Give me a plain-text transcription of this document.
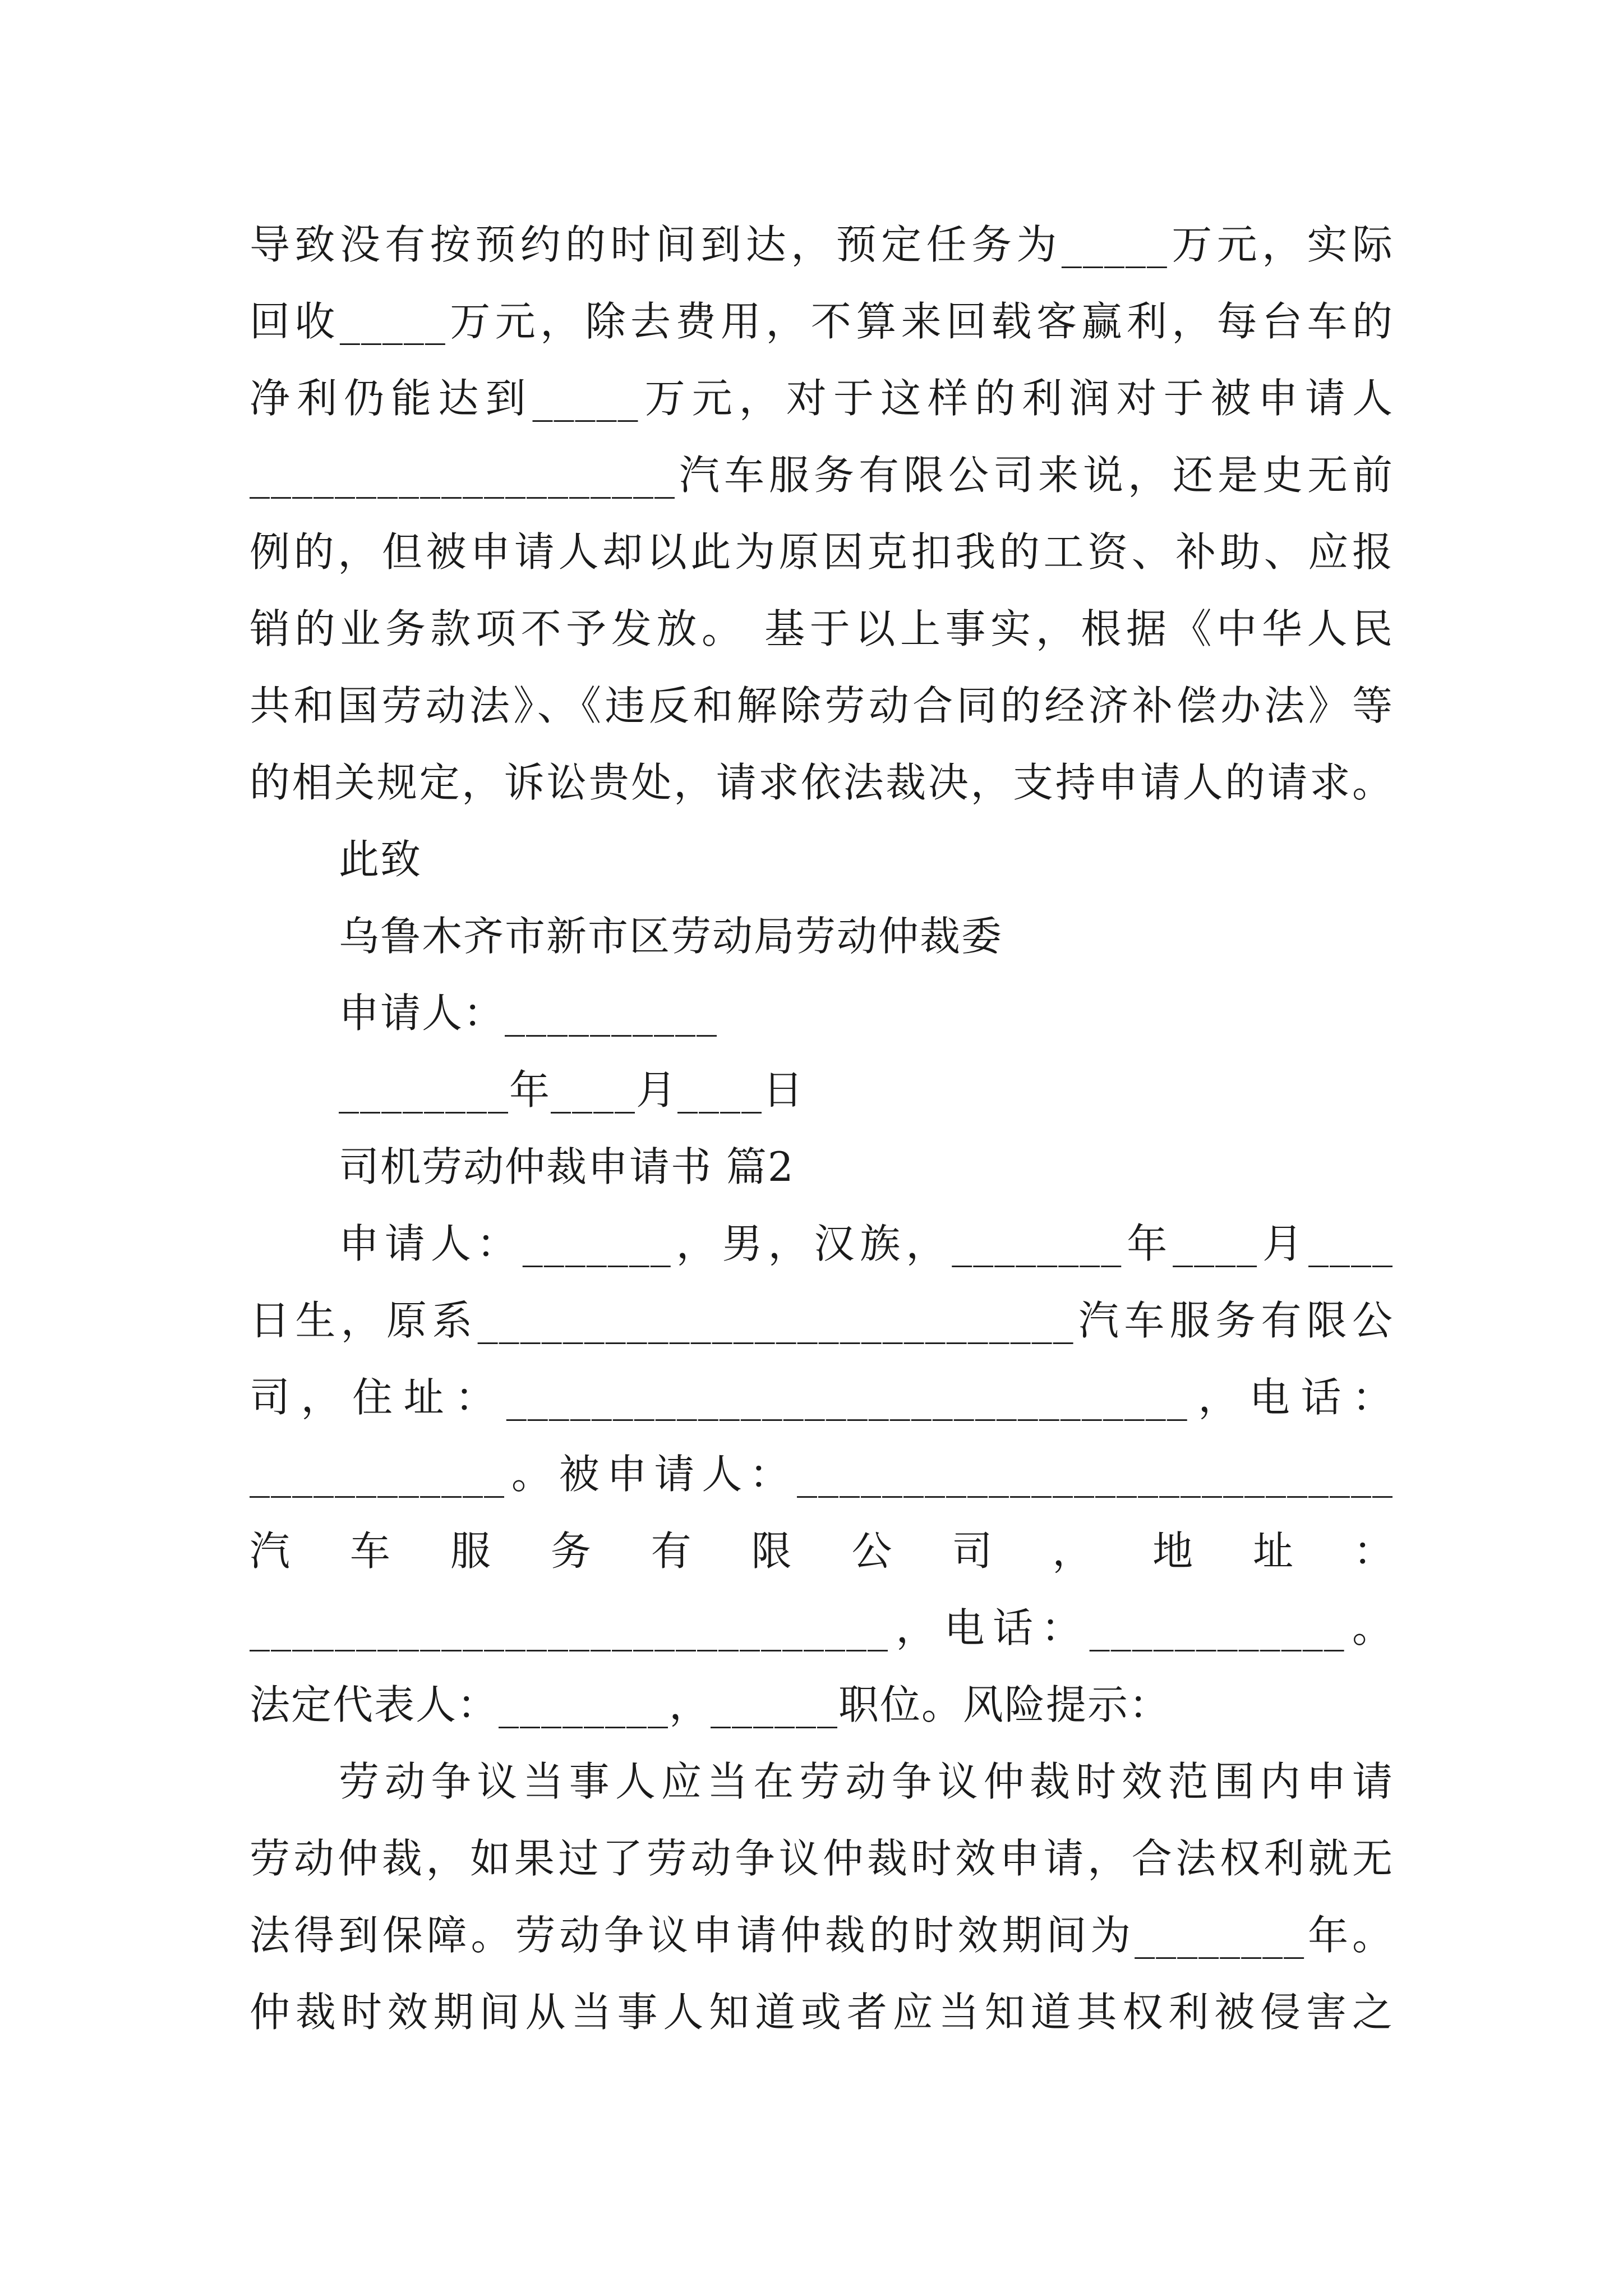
导致没有按预约的时间到达，预定任务为_____万元，实际
回收_____万元，除去费用，不算来回载客赢利，每台车的
净利仍能达到_____万元，对于这样的利润对于被申请人
____________________汽车服务有限公司来说，还是史无前
例的，但被申请人却以此为原因克扣我的工资、补助、应报
销的业务款项不予发放。 基于以上事实，根据《中华人民
共和国劳动法》、《违反和解除劳动合同的经济补偿办法》等
的相关规定，诉讼贵处，请求依法裁决，支持申请人的请求。
此致
乌鲁木齐市新市区劳动局劳动仲裁委
申请人：__________
________年____月____日
司机劳动仲裁申请书 篇2
申请人：_______，男，汉族，________年____月____
日生，原系____________________________汽车服务有限公
司，住址：________________________________，电话：
____________。被申请人：____________________________
汽车服务有限公司，地址：
______________________________，电话：____________。
法定代表人：________，______职位。风险提示：
劳动争议当事人应当在劳动争议仲裁时效范围内申请
劳动仲裁，如果过了劳动争议仲裁时效申请，合法权利就无
法得到保障。劳动争议申请仲裁的时效期间为________年。
仲裁时效期间从当事人知道或者应当知道其权利被侵害之
